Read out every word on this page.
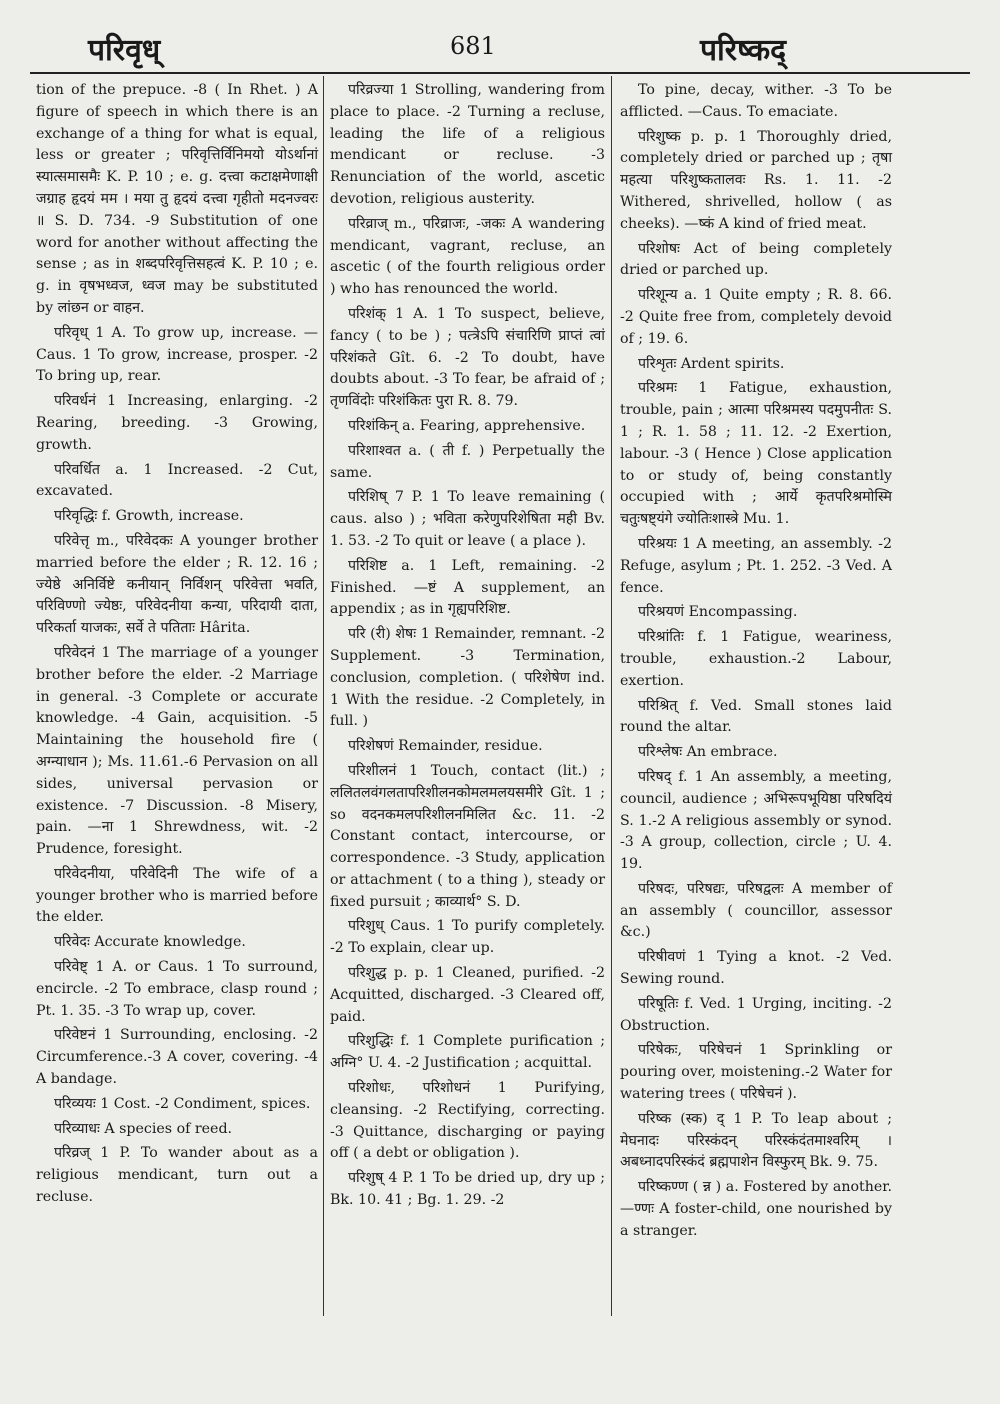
परिवृध्	681	परिष्कद्
tion of the prepuce. -8 ( In Rhet. ) A figure of speech in which there is an exchange of a thing for what is equal, less or greater ; परिवृत्तिर्विनिमयो योऽर्थानां स्यात्समासमैः K. P. 10 ; e. g. दत्त्वा कटाक्षमेणाक्षी जग्राह हृदयं मम । मया तु हृदयं दत्त्वा गृहीतो मदनज्वरः ॥ S. D. 734. -9 Substitution of one word for another without affecting the sense ; as in शब्दपरिवृत्तिसहत्वं K. P. 10 ; e. g. in वृषभध्वज, ध्वज may be substituted by लांछन or वाहन.
परिवृध् 1 A. To grow up, increase. —Caus. 1 To grow, increase, prosper. -2 To bring up, rear.
परिवर्धनं 1 Increasing, enlarging. -2 Rearing, breeding. -3 Growing, growth.
परिवर्धित a. 1 Increased. -2 Cut, excavated.
परिवृद्धिः f. Growth, increase.
परिवेत्तृ m., परिवेदकः A younger brother married before the elder ; R. 12. 16 ; ज्येष्ठे अनिर्विष्टे कनीयान् निर्विशन् परिवेत्ता भवति, परिविण्णो ज्येष्ठः, परिवेदनीया कन्या, परिदायी दाता, परिकर्ता याजकः, सर्वे ते पतिताः Hârita.
परिवेदनं 1 The marriage of a younger brother before the elder. -2 Marriage in general. -3 Complete or accurate knowledge. -4 Gain, acquisition. -5 Maintaining the household fire ( अग्न्याधान ); Ms. 11.61.-6 Pervasion on all sides, universal pervasion or existence. -7 Discussion. -8 Misery, pain. —ना 1 Shrewdness, wit. -2 Prudence, foresight.
परिवेदनीया, परिवेदिनी The wife of a younger brother who is married before the elder.
परिवेदः Accurate knowledge.
परिवेष्ट् 1 A. or Caus. 1 To surround, encircle. -2 To embrace, clasp round ; Pt. 1. 35. -3 To wrap up, cover.
परिवेष्टनं 1 Surrounding, enclosing. -2 Circumference.-3 A cover, covering. -4 A bandage.
परिव्ययः 1 Cost. -2 Condiment, spices.
परिव्याधः A species of reed.
परिव्रज् 1 P. To wander about as a religious mendicant, turn out a recluse.
परिव्रज्या 1 Strolling, wandering from place to place. -2 Turning a recluse, leading the life of a religious mendicant or recluse. -3 Renunciation of the world, ascetic devotion, religious austerity.
परिव्राज् m., परिव्राजः, -जकः A wandering mendicant, vagrant, recluse, an ascetic ( of the fourth religious order ) who has renounced the world.
परिशंक् 1 A. 1 To suspect, believe, fancy ( to be ) ; पत्त्रेऽपि संचारिणि प्राप्तं त्वां परिशंकते Gît. 6. -2 To doubt, have doubts about. -3 To fear, be afraid of ; तृणविंदोः परिशंकितः पुरा R. 8. 79.
परिशंकिन् a. Fearing, apprehensive.
परिशाश्वत a. ( ती f. ) Perpetually the same.
परिशिष् 7 P. 1 To leave remaining ( caus. also ) ; भविता करेणुपरिशेषिता मही Bv. 1. 53. -2 To quit or leave ( a place ).
परिशिष्ट a. 1 Left, remaining. -2 Finished. —ष्टं A supplement, an appendix ; as in गृह्यपरिशिष्ट.
परि (री) शेषः 1 Remainder, remnant. -2 Supplement. -3 Termination, conclusion, completion. ( परिशेषेण ind. 1 With the residue. -2 Completely, in full. )
परिशेषणं Remainder, residue.
परिशीलनं 1 Touch, contact (lit.) ; ललितलवंगलतापरिशीलनकोमलमलयसमीरे Gît. 1 ; so वदनकमलपरिशीलनमिलित &c. 11. -2 Constant contact, intercourse, or correspondence. -3 Study, application or attachment ( to a thing ), steady or fixed pursuit ; काव्यार्थ° S. D.
परिशुध् Caus. 1 To purify completely. -2 To explain, clear up.
परिशुद्ध p. p. 1 Cleaned, purified. -2 Acquitted, discharged. -3 Cleared off, paid.
परिशुद्धिः f. 1 Complete purification ; अग्नि° U. 4. -2 Justification ; acquittal.
परिशोधः, परिशोधनं 1 Purifying, cleansing. -2 Rectifying, correcting. -3 Quittance, discharging or paying off ( a debt or obligation ).
परिशुष् 4 P. 1 To be dried up, dry up ; Bk. 10. 41 ; Bg. 1. 29. -2
To pine, decay, wither. -3 To be afflicted. —Caus. To emaciate.
परिशुष्क p. p. 1 Thoroughly dried, completely dried or parched up ; तृषा महत्या परिशुष्कतालवः Rs. 1. 11. -2 Withered, shrivelled, hollow ( as cheeks). —ष्कं A kind of fried meat.
परिशोषः Act of being completely dried or parched up.
परिशून्य a. 1 Quite empty ; R. 8. 66. -2 Quite free from, completely devoid of ; 19. 6.
परिशृतः Ardent spirits.
परिश्रमः 1 Fatigue, exhaustion, trouble, pain ; आत्मा परिश्रमस्य पदमुपनीतः S. 1 ; R. 1. 58 ; 11. 12. -2 Exertion, labour. -3 ( Hence ) Close application to or study of, being constantly occupied with ; आर्ये कृतपरिश्रमोस्मि चतुःषष्ट्यंगे ज्योतिःशास्त्रे Mu. 1.
परिश्रयः 1 A meeting, an assembly. -2 Refuge, asylum ; Pt. 1. 252. -3 Ved. A fence.
परिश्रयणं Encompassing.
परिश्रांतिः f. 1 Fatigue, weariness, trouble, exhaustion.-2 Labour, exertion.
परिश्रित् f. Ved. Small stones laid round the altar.
परिश्लेषः An embrace.
परिषद् f. 1 An assembly, a meeting, council, audience ; अभिरूपभूयिष्ठा परिषदियं S. 1.-2 A religious assembly or synod. -3 A group, collection, circle ; U. 4. 19.
परिषदः, परिषद्यः, परिषद्वलः A member of an assembly ( councillor, assessor &c.)
परिषीवणं 1 Tying a knot. -2 Ved. Sewing round.
परिषूतिः f. Ved. 1 Urging, inciting. -2 Obstruction.
परिषेकः, परिषेचनं 1 Sprinkling or pouring over, moistening.-2 Water for watering trees ( परिषेचनं ).
परिष्क (स्क) द् 1 P. To leap about ; मेघनादः परिस्कंदन् परिस्कंदंतमाश्वरिम् । अबध्नादपरिस्कंदं ब्रह्मपाशेन विस्फुरम् Bk. 9. 75.
परिष्कण्ण ( न्न ) a. Fostered by another. —ण्णः A foster-child, one nourished by a stranger.
